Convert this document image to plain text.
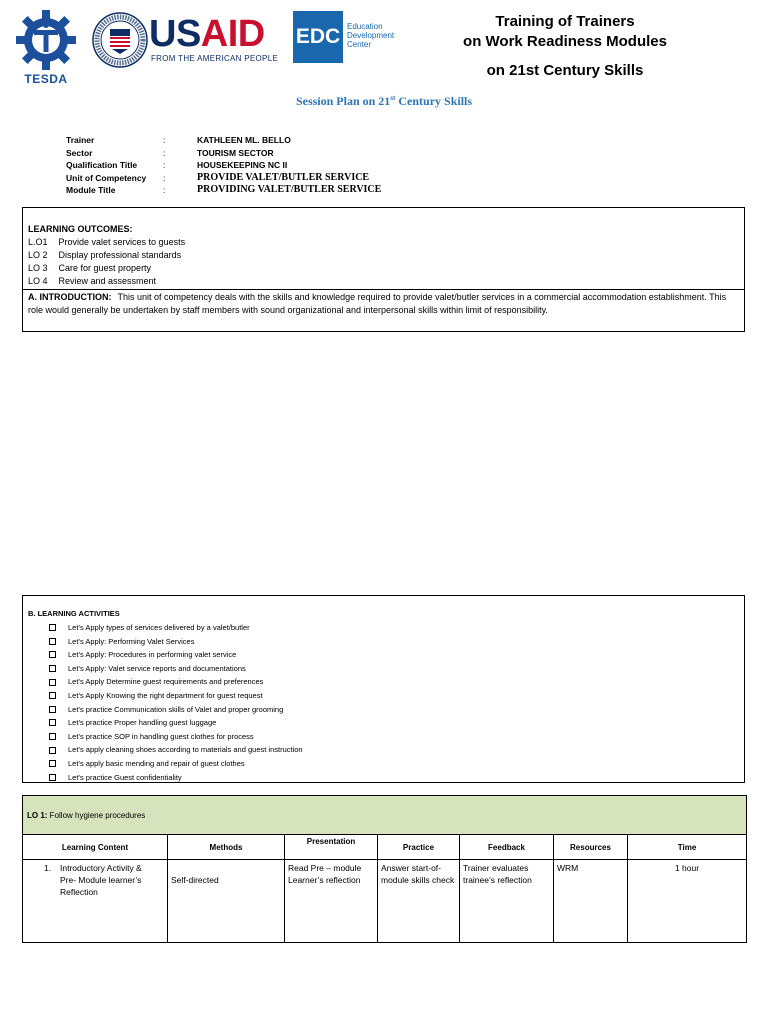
TESDA
USAID
FROM THE AMERICAN PEOPLE
EDC Education
Development
Center
Training of Trainers
on Work Readiness Modules
on 21st Century Skills
Session Plan on 21st Century Skills
Trainer	:	KATHLEEN ML. BELLO
Sector	:	TOURISM SECTOR
Qualification Title	:	HOUSEKEEPING NC II
Unit of Competency :	PROVIDE VALET/BUTLER SERVICE
Module Title	:	PROVIDING VALET/BUTLER SERVICE
LEARNING OUTCOMES:
L.O1 Provide valet services to guests
LO 2 Display professional standards
LO 3 Care for guest property
LO 4 Review and assessment
A. INTRODUCTION: This unit of competency deals with the skills and knowledge required to provide valet/butler services in a commercial accommodation establishment. This role would generally be undertaken by staff members with sound organizational and interpersonal skills within limit of responsibility.
B. LEARNING ACTIVITIES
Let’s Apply types of services delivered by a valet/butler
Let’s Apply: Performing Valet Services
Let’s Apply: Procedures in performing valet service
Let’s Apply: Valet service reports and documentations
Let’s Apply Determine guest requirements and preferences
Let’s Apply Knowing the right department for guest request
Let’s practice Communication skills of Valet and proper grooming
Let’s practice Proper handling guest luggage
Let’s practice SOP in handling guest clothes for process
Let’s apply cleaning shoes according to materials and guest instruction
Let’s apply basic mending and repair of guest clothes
Let’s practice Guest confidentiality
LO 1: Follow hygiene procedures						
Learning Content	Methods	Presentation	Practice	Feedback	Resources	Time
1. Introductory Activity & Pre- Module learner’s Reflection	Self-directed	Read Pre – module Learner’s reflection	Answer start-of-module skills check	Trainer evaluates trainee’s reflection	WRM	1 hour
